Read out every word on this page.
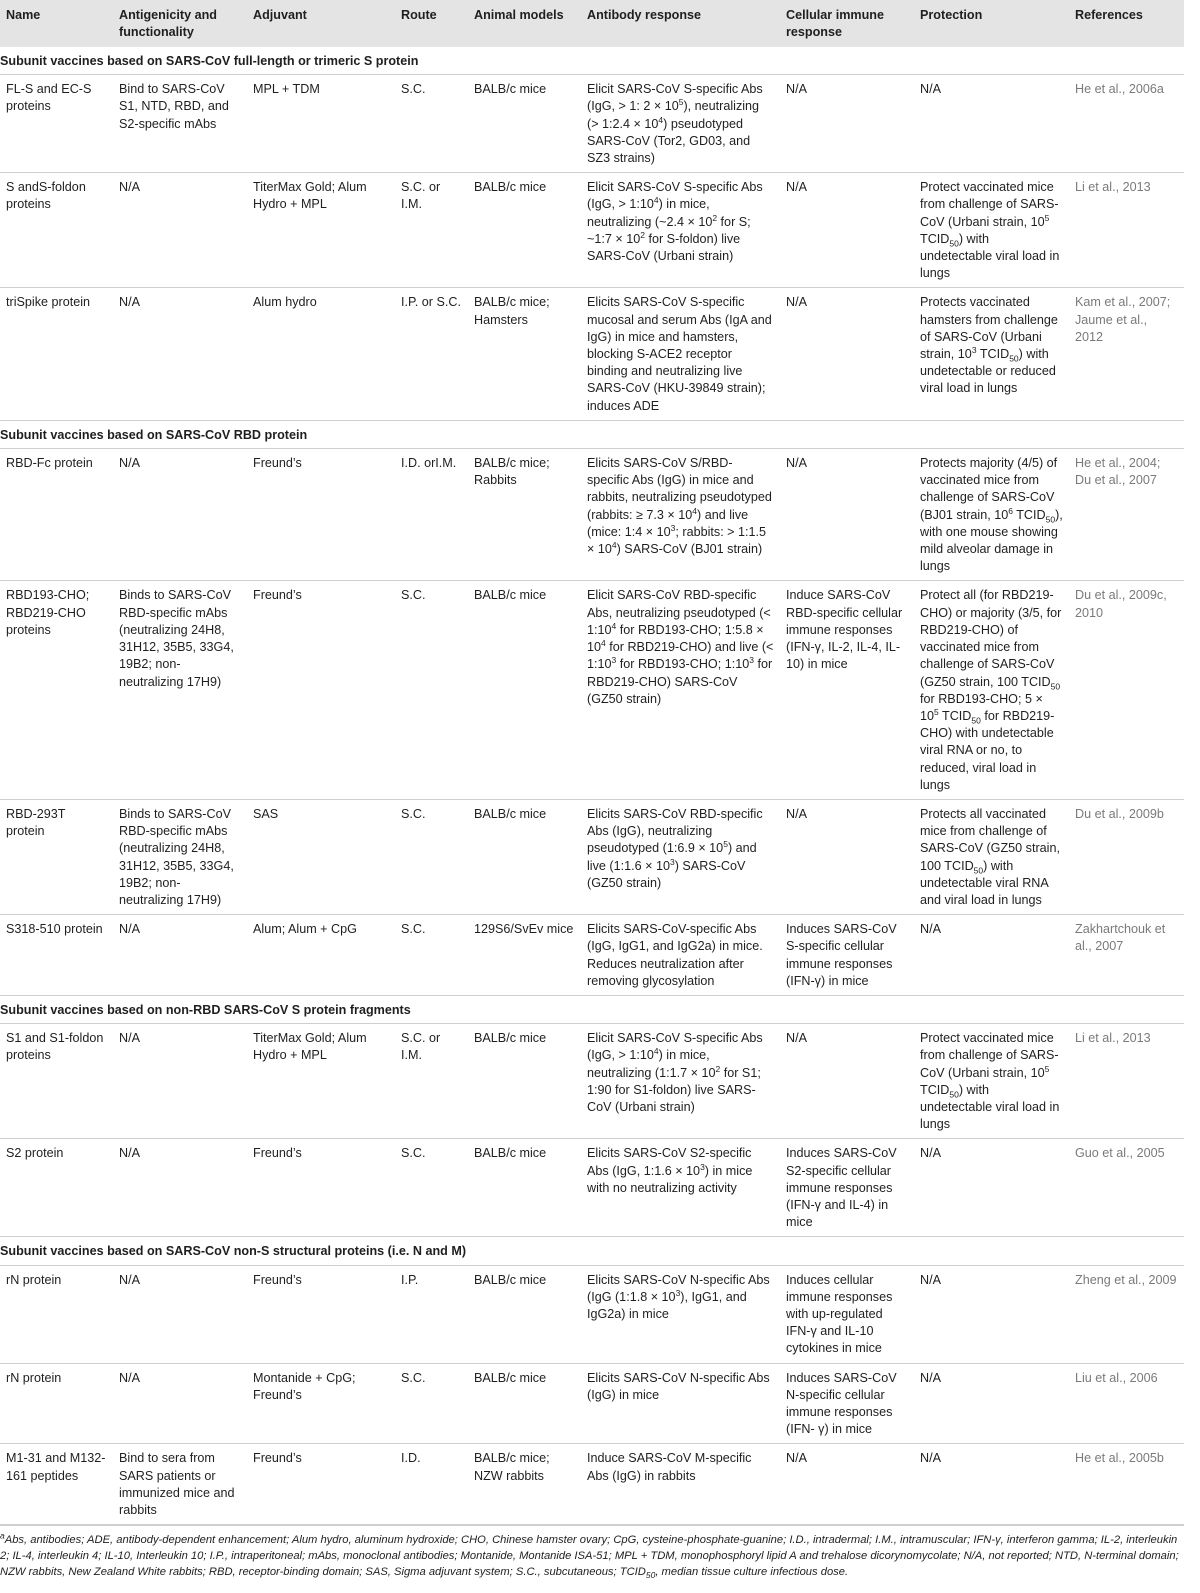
Name	Antigenicity and functionality	Adjuvant	Route	Animal models	Antibody response	Cellular immune response	Protection	References
Subunit vaccines based on SARS-CoV full-length or trimeric S protein								
FL-S and EC-S proteins	Bind to SARS-CoV S1, NTD, RBD, and S2-specific mAbs	MPL + TDM	S.C.	BALB/c mice	Elicit SARS-CoV S-specific Abs (IgG, > 1: $2 \times 10^5$), neutralizing (> 1:2.4 × $10^4$) pseudotyped SARS-CoV (Tor2, GD03, and SZ3 strains)	N/A	N/A	He et al., 2006a
S andS-foldon proteins	N/A	TiterMax Gold; Alum Hydro + MPL	S.C. or I.M.	BALB/c mice	Elicit SARS-CoV S-specific Abs (IgG, > $1:10^4$) in mice, neutralizing (~2.4 × $10^2$ for S; ~1:7 × $10^2$ for S-foldon) live SARS-CoV (Urbani strain)	N/A	Protect vaccinated mice from challenge of SARS-CoV (Urbani strain, $10^5$ $TCID_{50}$) with undetectable viral load in lungs	Li et al., 2013
triSpike protein	N/A	Alum hydro	I.P. or S.C.	BALB/c mice; Hamsters	Elicits SARS-CoV S-specific mucosal and serum Abs (IgA and IgG) in mice and hamsters, blocking S-ACE2 receptor binding and neutralizing live SARS-CoV (HKU-39849 strain); induces ADE	N/A	Protects vaccinated hamsters from challenge of SARS-CoV (Urbani strain, $10^3$ $TCID_{50}$) with undetectable or reduced viral load in lungs	Kam et al., 2007; Jaume et al., 2012
Subunit vaccines based on SARS-CoV RBD protein								
RBD-Fc protein	N/A	Freund’s	I.D. orI.M.	BALB/c mice; Rabbits	Elicits SARS-CoV S/RBD-specific Abs (IgG) in mice and rabbits, neutralizing pseudotyped (rabbits: ≥ $7.3 \times 10^4$) and live (mice: 1:4 × $10^3$; rabbits: > 1:1.5 × $10^4$) SARS-CoV (BJ01 strain)	N/A	Protects majority (4/5) of vaccinated mice from challenge of SARS-CoV (BJ01 strain, $10^6$ $TCID_{50}$), with one mouse showing mild alveolar damage in lungs	He et al., 2004; Du et al., 2007
RBD193-CHO; RBD219-CHO proteins	Binds to SARS-CoV RBD-specific mAbs (neutralizing 24H8, 31H12, 35B5, 33G4, 19B2; non-neutralizing 17H9)	Freund’s	S.C.	BALB/c mice	Elicit SARS-CoV RBD-specific Abs, neutralizing pseudotyped (< $1:10^4$ for RBD193-CHO; 1:5.8 × $10^4$ for RBD219-CHO) and live (< $1:10^3$ for RBD193-CHO; $1:10^3$ for RBD219-CHO) SARS-CoV (GZ50 strain)	Induce SARS-CoV RBD-specific cellular immune responses (IFN-γ, IL-2, IL-4, IL-10) in mice	Protect all (for RBD219-CHO) or majority (3/5, for RBD219-CHO) of vaccinated mice from challenge of SARS-CoV (GZ50 strain, 100 $TCID_{50}$ for RBD193-CHO; $5 \times 10^5$ $TCID_{50}$ for RBD219-CHO) with undetectable viral RNA or no, to reduced, viral load in lungs	Du et al., 2009c, 2010
RBD-293T protein	Binds to SARS-CoV RBD-specific mAbs (neutralizing 24H8, 31H12, 35B5, 33G4, 19B2; non-neutralizing 17H9)	SAS	S.C.	BALB/c mice	Elicits SARS-CoV RBD-specific Abs (IgG), neutralizing pseudotyped (1:6.9 × $10^5$) and live (1:1.6 × $10^3$) SARS-CoV (GZ50 strain)	N/A	Protects all vaccinated mice from challenge of SARS-CoV (GZ50 strain, 100 $TCID_{50}$) with undetectable viral RNA and viral load in lungs	Du et al., 2009b
S318-510 protein	N/A	Alum; Alum + CpG	S.C.	129S6/SvEv mice	Elicits SARS-CoV-specific Abs (IgG, IgG1, and IgG2a) in mice. Reduces neutralization after removing glycosylation	Induces SARS-CoV S-specific cellular immune responses (IFN-γ) in mice	N/A	Zakhartchouk et al., 2007
Subunit vaccines based on non-RBD SARS-CoV S protein fragments								
S1 and S1-foldon proteins	N/A	TiterMax Gold; Alum Hydro + MPL	S.C. or I.M.	BALB/c mice	Elicit SARS-CoV S-specific Abs (IgG, > $1:10^4$) in mice, neutralizing (1:1.7 × $10^2$ for S1; 1:90 for S1-foldon) live SARS-CoV (Urbani strain)	N/A	Protect vaccinated mice from challenge of SARS-CoV (Urbani strain, $10^5$ $TCID_{50}$) with undetectable viral load in lungs	Li et al., 2013
S2 protein	N/A	Freund’s	S.C.	BALB/c mice	Elicits SARS-CoV S2-specific Abs (IgG, 1:1.6 × $10^3$) in mice with no neutralizing activity	Induces SARS-CoV S2-specific cellular immune responses (IFN-γ and IL-4) in mice	N/A	Guo et al., 2005
Subunit vaccines based on SARS-CoV non-S structural proteins (i.e. N and M)								
rN protein	N/A	Freund’s	I.P.	BALB/c mice	Elicits SARS-CoV N-specific Abs (IgG (1:1.8 × $10^3$), IgG1, and IgG2a) in mice	Induces cellular immune responses with up-regulated IFN-γ and IL-10 cytokines in mice	N/A	Zheng et al., 2009
rN protein	N/A	Montanide + CpG; Freund’s	S.C.	BALB/c mice	Elicits SARS-CoV N-specific Abs (IgG) in mice	Induces SARS-CoV N-specific cellular immune responses (IFN- γ) in mice	N/A	Liu et al., 2006
M1-31 and M132-161 peptides	Bind to sera from SARS patients or immunized mice and rabbits	Freund’s	I.D.	BALB/c mice; NZW rabbits	Induce SARS-CoV M-specific Abs (IgG) in rabbits	N/A	N/A	He et al., 2005b
$^a$Abs, antibodies; ADE, antibody-dependent enhancement; Alum hydro, aluminum hydroxide; CHO, Chinese hamster ovary; CpG, cysteine-phosphate-guanine; I.D., intradermal; I.M., intramuscular; IFN-γ, interferon gamma; IL-2, interleukin 2; IL-4, interleukin 4; IL-10, Interleukin 10; I.P., intraperitoneal; mAbs, monoclonal antibodies; Montanide, Montanide ISA-51; MPL + TDM, monophosphoryl lipid A and trehalose dicorynomycolate; N/A, not reported; NTD, N-terminal domain; NZW rabbits, New Zealand White rabbits; RBD, receptor-binding domain; SAS, Sigma adjuvant system; S.C., subcutaneous; $TCID_{50}$, median tissue culture infectious dose.
